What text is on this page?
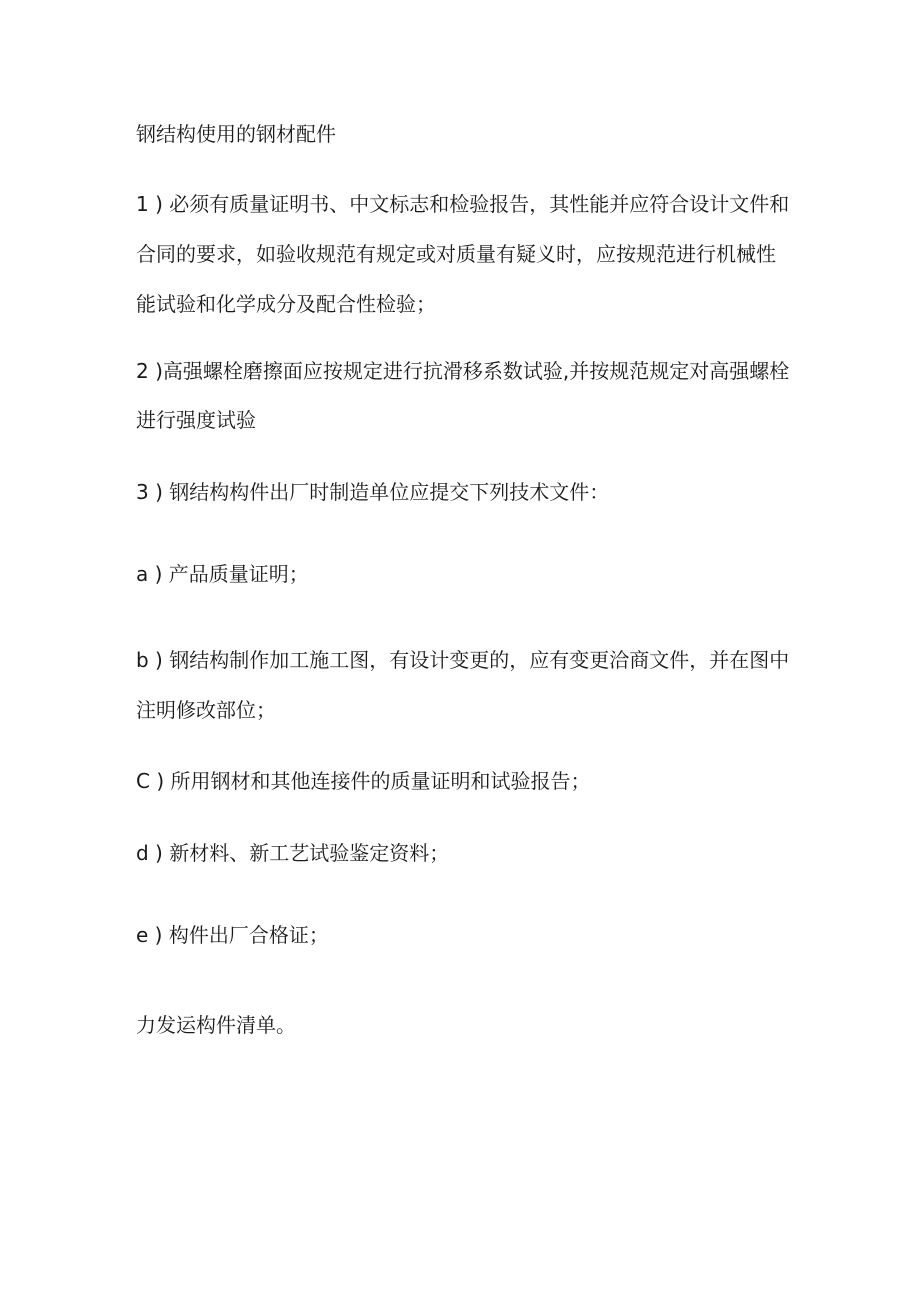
钢结构使用的钢材配件
1 ) 必须有质量证明书、中文标志和检验报告，其性能并应符合设计文件和
合同的要求，如验收规范有规定或对质量有疑义时，应按规范进行机械性
能试验和化学成分及配合性检验；
2 )高强螺栓磨擦面应按规定进行抗滑移系数试验,并按规范规定对高强螺栓
进行强度试验
3 ) 钢结构构件出厂时制造单位应提交下列技术文件：
a ) 产品质量证明；
b ) 钢结构制作加工施工图，有设计变更的，应有变更洽商文件，并在图中
注明修改部位；
C ) 所用钢材和其他连接件的质量证明和试验报告；
d ) 新材料、新工艺试验鉴定资料；
e ) 构件出厂合格证；
力发运构件清单。
